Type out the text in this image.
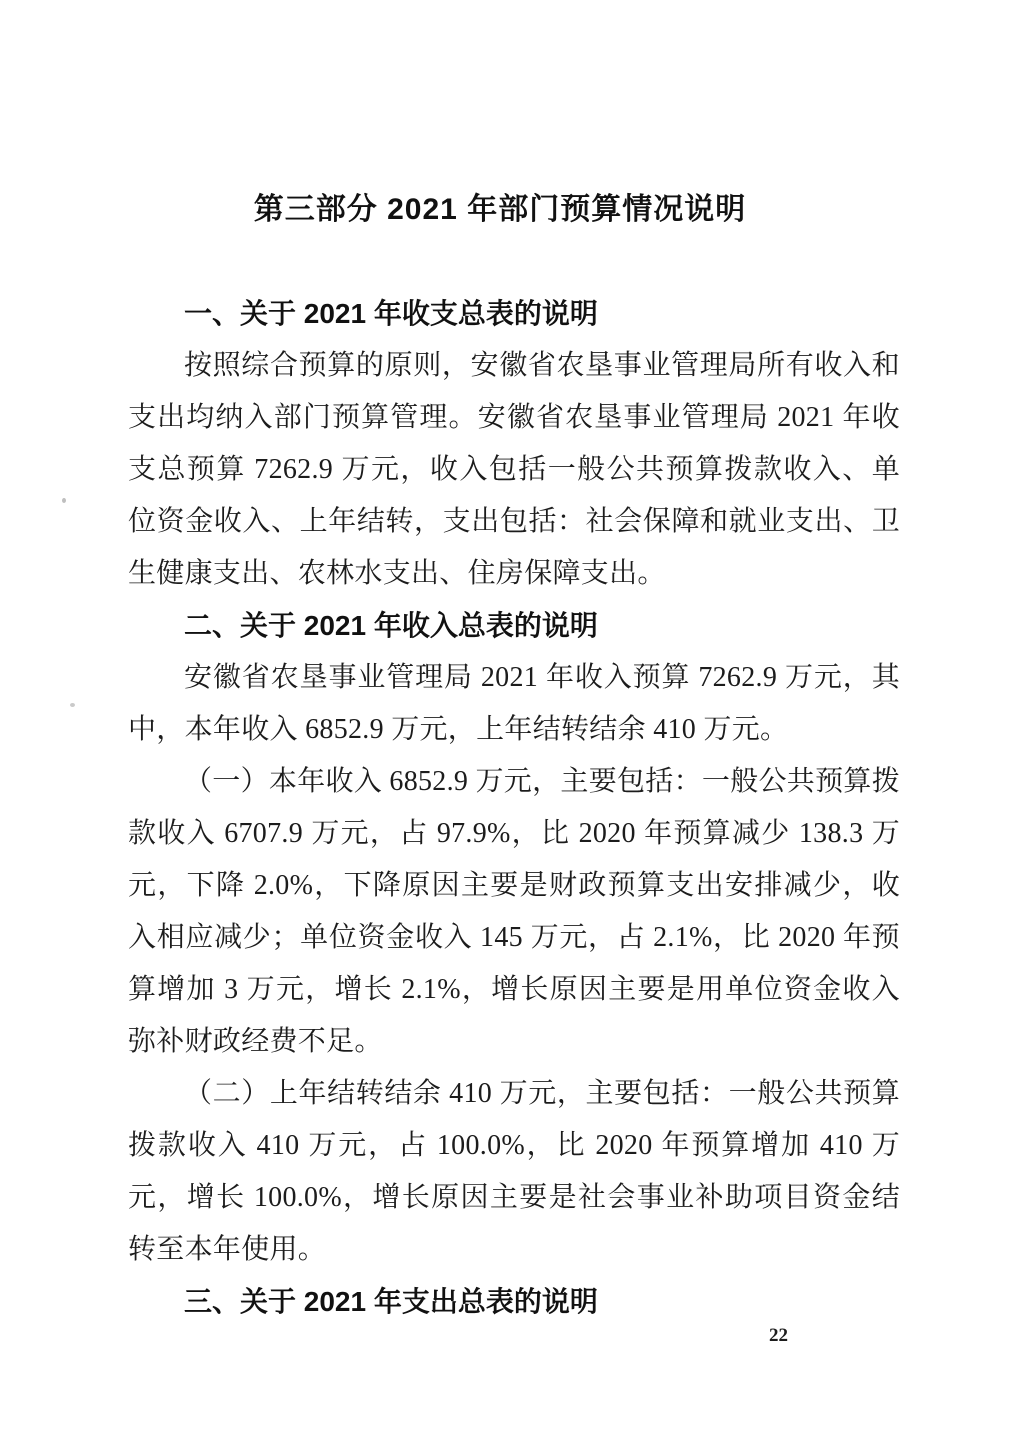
第三部分 2021 年部门预算情况说明
一、关于 2021 年收支总表的说明
按照综合预算的原则，安徽省农垦事业管理局所有收入和支出均纳入部门预算管理。安徽省农垦事业管理局 2021 年收支总预算 7262.9 万元，收入包括一般公共预算拨款收入、单位资金收入、上年结转，支出包括：社会保障和就业支出、卫生健康支出、农林水支出、住房保障支出。
二、关于 2021 年收入总表的说明
安徽省农垦事业管理局 2021 年收入预算 7262.9 万元，其中，本年收入 6852.9 万元，上年结转结余 410 万元。
（一）本年收入 6852.9 万元，主要包括：一般公共预算拨款收入 6707.9 万元，占 97.9%，比 2020 年预算减少 138.3 万元，下降 2.0%，下降原因主要是财政预算支出安排减少，收入相应减少；单位资金收入 145 万元，占 2.1%，比 2020 年预算增加 3 万元，增长 2.1%，增长原因主要是用单位资金收入弥补财政经费不足。
（二）上年结转结余 410 万元，主要包括：一般公共预算拨款收入 410 万元，占 100.0%，比 2020 年预算增加 410 万元，增长 100.0%，增长原因主要是社会事业补助项目资金结转至本年使用。
三、关于 2021 年支出总表的说明
22
